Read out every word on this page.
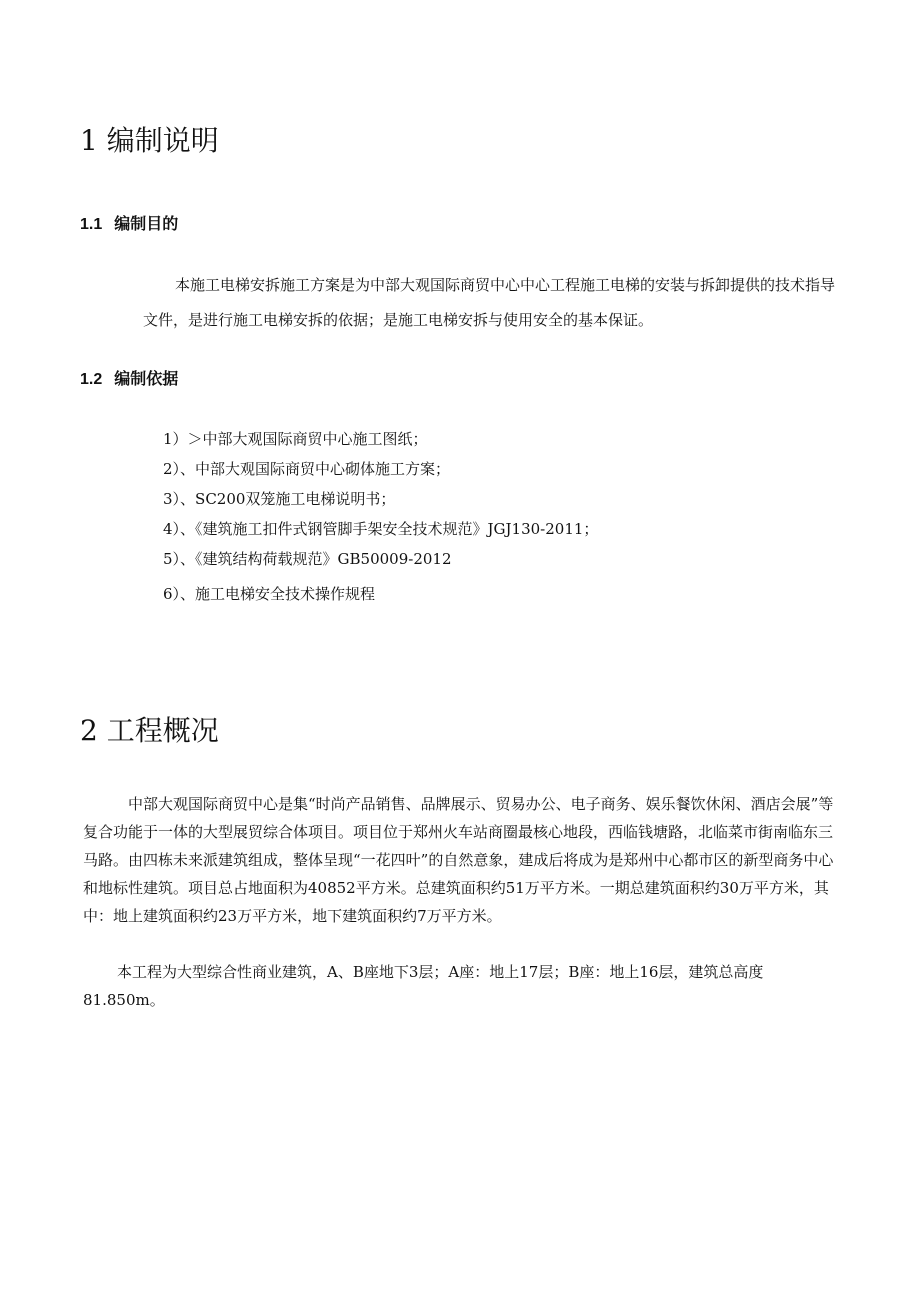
1 编制说明
1.1 编制目的

本施工电梯安拆施工方案是为中部大观国际商贸中心中心工程施工电梯的安装与拆卸提供的技术指导文件，是进行施工电梯安拆的依据；是施工电梯安拆与使用安全的基本保证。

1.2 编制依据
1）＞中部大观国际商贸中心施工图纸；
2）、中部大观国际商贸中心砌体施工方案；
3）、SC200双笼施工电梯说明书；
4）、《建筑施工扣件式钢管脚手架安全技术规范》JGJ130-2011；
5）、《建筑结构荷载规范》GB50009-2012
6）、施工电梯安全技术操作规程
2 工程概况

中部大观国际商贸中心是集“时尚产品销售、品牌展示、贸易办公、电子商务、娱乐餐饮休闲、酒店会展”等复合功能于一体的大型展贸综合体项目。项目位于郑州火车站商圈最核心地段，西临钱塘路，北临菜市街南临东三马路。由四栋未来派建筑组成，整体呈现“一花四叶”的自然意象，建成后将成为是郑州中心都市区的新型商务中心和地标性建筑。项目总占地面积为40852平方米。总建筑面积约51万平方米。一期总建筑面积约30万平方米，其中：地上建筑面积约23万平方米，地下建筑面积约7万平方米。

本工程为大型综合性商业建筑，A、B座地下3层；A座：地上17层；B座：地上16层，建筑总高度81.850m。
